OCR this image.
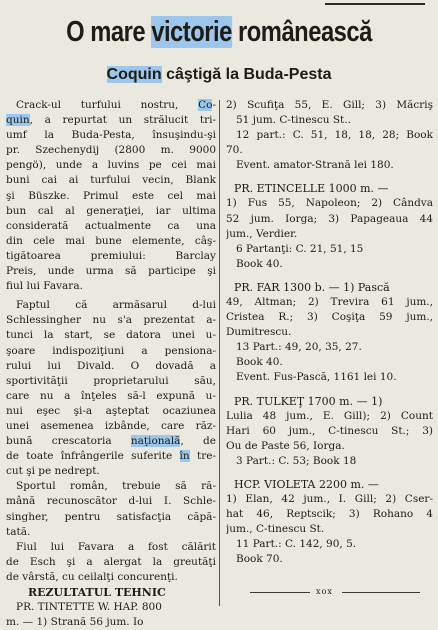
O mare victorie românească
Coquin câştigă la Buda-Pesta
Crack-ul turfului nostru, Co-
quin, a repurtat un strălucit tri-
umf la Buda-Pesta, însuşindu-şi
pr. Szechenydij (2800 m. 9000
pengö), unde a luvins pe cei mai
buni cai ai turfului vecin, Blank
şi Büszke. Primul este cel mai
bun cal al generaţiei, iar ultima
considerată actualmente ca una
din cele mai bune elemente, câş-
tigătoarea premiului: Barclay
Preis, unde urma să participe şi
fiul lui Favara.
Faptul că armăsarul d-lui
Schlessingher nu s'a prezentat a-
tunci la start, se datora unei u-
şoare indispoziţiuni a pensiona-
rului lui Divald. O dovadă a
sportivităţii proprietarului său,
care nu a înţeles să-l expună u-
nui eşec şi-a aşteptat ocaziunea
unei asemenea izbânde, care răz-
bună crescatoria naţională, de
de toate înfrângerile suferite în tre-
cut şi pe nedrept.
Sportul român, trebuie să ră-
mână recunoscător d-lui I. Schle-
singher, pentru satisfacţia căpă-
tată.
Fiul lui Favara a fost călărit
de Esch şi a alergat la greutăţi
de vârstă, cu ceilalţi concurenţi.
REZULTATUL TEHNIC
PR. TINTETTE W. HAP. 800
m. — 1) Strană 56 jum. Io
2) Scufiţa 55, E. Gill; 3) Măcriş
51 jum. C-tinescu St..
12 part.: C. 51, 18, 18, 28; Book
70.
Event. amator-Strană lei 180.
PR. ETINCELLE 1000 m. —
1) Fus 55, Napoleon; 2) Cândva
52 jum. Iorga; 3) Papageaua 44
jum., Verdier.
6 Partanţi: C. 21, 51, 15
Book 40.
PR. FAR 1300 b. — 1) Pască
49, Altman; 2) Trevira 61 jum.,
Cristea R.; 3) Coşiţa 59 jum.,
Dumitrescu.
13 Part.: 49, 20, 35, 27.
Book 40.
Event. Fus-Pască, 1161 lei 10.
PR. TULKEŢ 1700 m. — 1)
Lulia 48 jum., E. Gill); 2) Count
Hari 60 jum., C-tinescu St.; 3)
Ou de Paste 56, Iorga.
3 Part.: C. 53; Book 18
HCP. VIOLETA 2200 m. —
1) Elan, 42 jum., I. Gill; 2) Cser-
hat 46, Reptscik; 3) Rohano 4
jum., C-tinescu St.
11 Part.: C. 142, 90, 5.
Book 70.
xox
